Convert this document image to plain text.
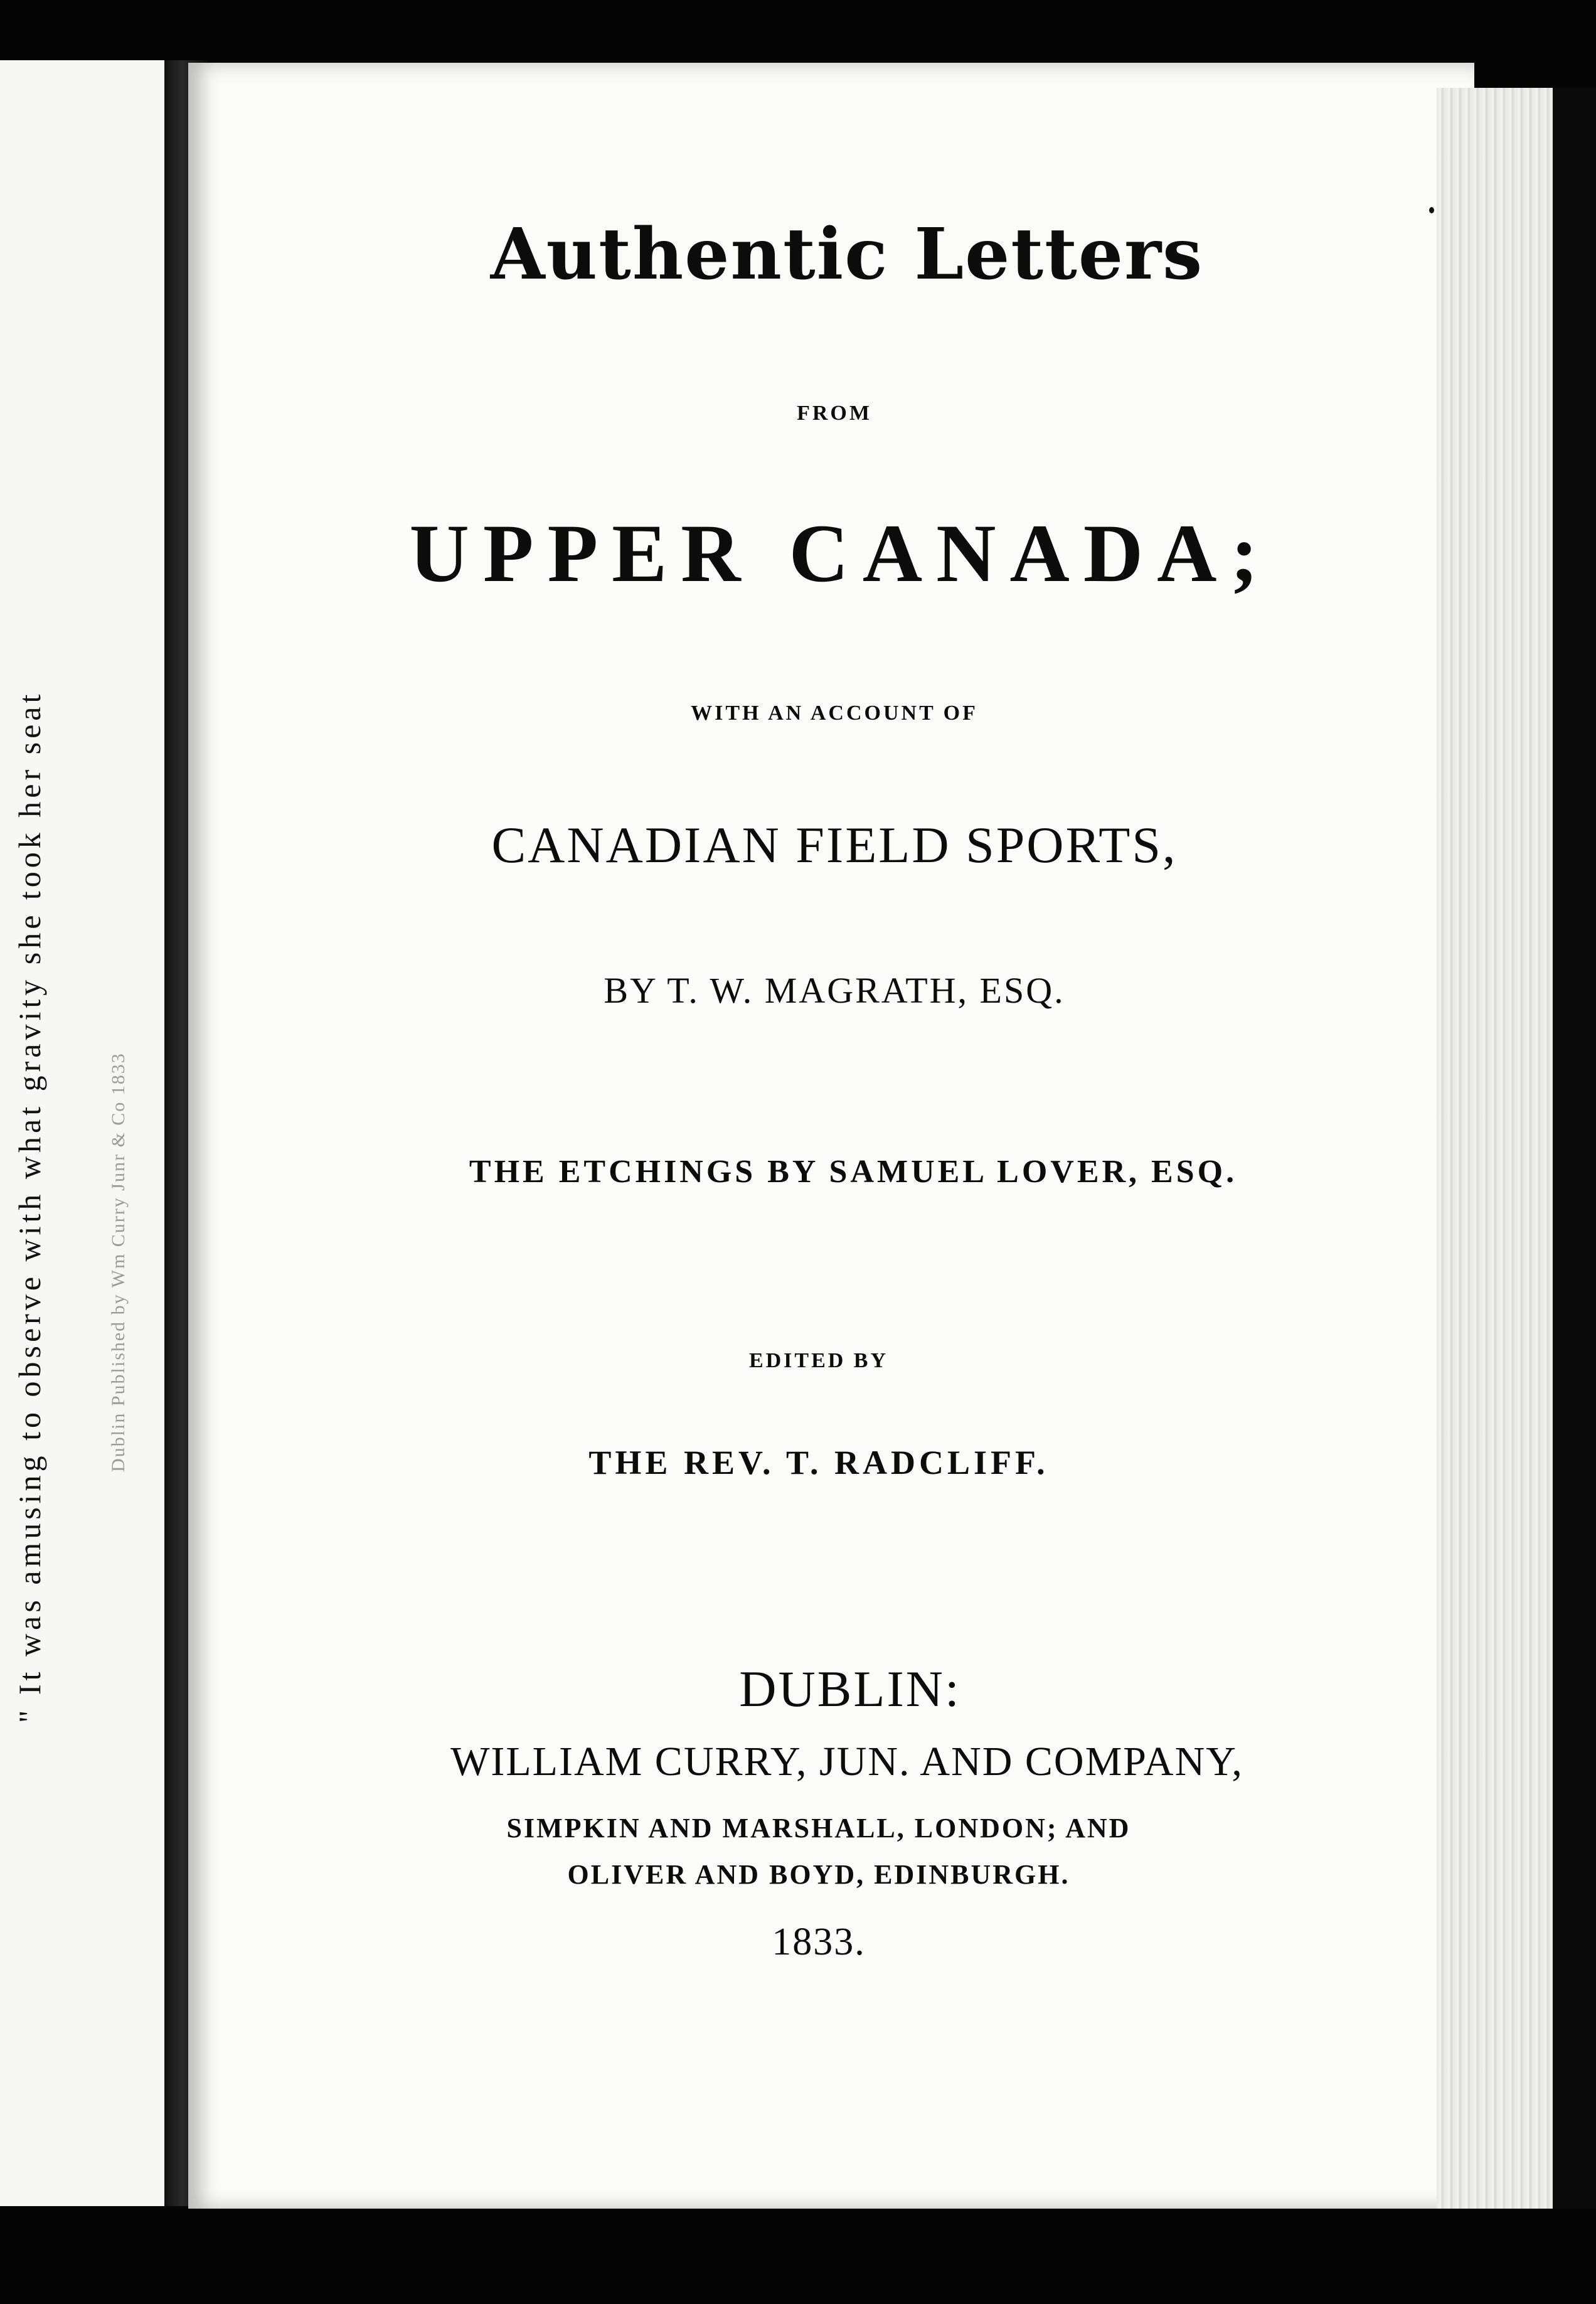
" It was amusing to observe with what gravity she took her seat	Dublin Published by Wm Curry Junr & Co 1833
Authentic Letters
FROM
UPPER CANADA;
WITH AN ACCOUNT OF
CANADIAN FIELD SPORTS,
BY T. W. MAGRATH, ESQ.
THE ETCHINGS BY SAMUEL LOVER, ESQ.
EDITED BY
THE REV. T. RADCLIFF.
DUBLIN:
WILLIAM CURRY, JUN. AND COMPANY,
SIMPKIN AND MARSHALL, LONDON; AND
OLIVER AND BOYD, EDINBURGH.
1833.
